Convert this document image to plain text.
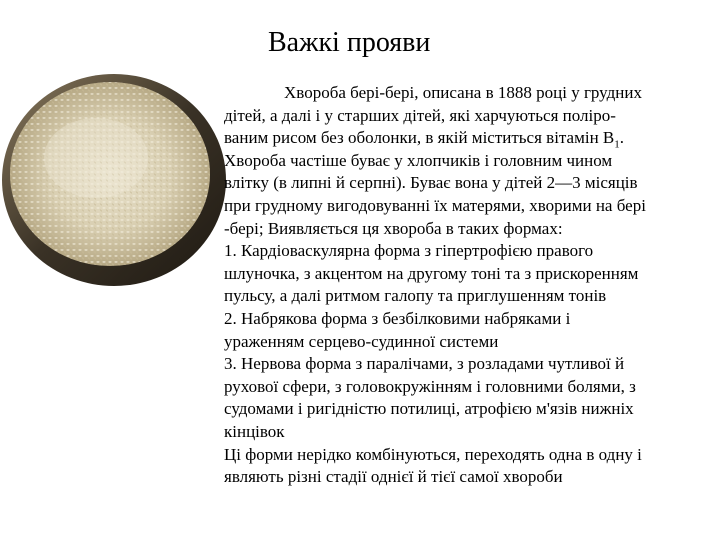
Важкі прояви
Хвороба бері-бері, описана в 1888 році у грудних
дітей, а далі і у старших дітей, які харчуються поліро-
ваним рисом без оболонки, в якій міститься вітамін $В_1$.
Хвороба частіше буває у хлопчиків і головним чином
влітку (в липні й серпні). Буває вона у дітей 2—3 місяців
при грудному вигодовуванні їх матерями, хворими на бері
-бері; Виявляється ця хвороба в таких формах:
1. Кардіоваскулярна форма з гіпертрофією правого
шлуночка, з акцентом на другому тоні та з прискоренням
пульсу, а далі ритмом галопу та приглушенням тонів
2. Набрякова форма з безбілковими набряками і
ураженням серцево-судинної системи
3. Нервова форма з паралічами, з розладами чутливої й
рухової сфери, з головокружінням і головними болями, з
судомами і ригідністю потилиці, атрофією м'язів нижніх
кінцівок
Ці форми нерідко комбінуються, переходять одна в одну і
являють різні стадії однієї й тієї самої хвороби
